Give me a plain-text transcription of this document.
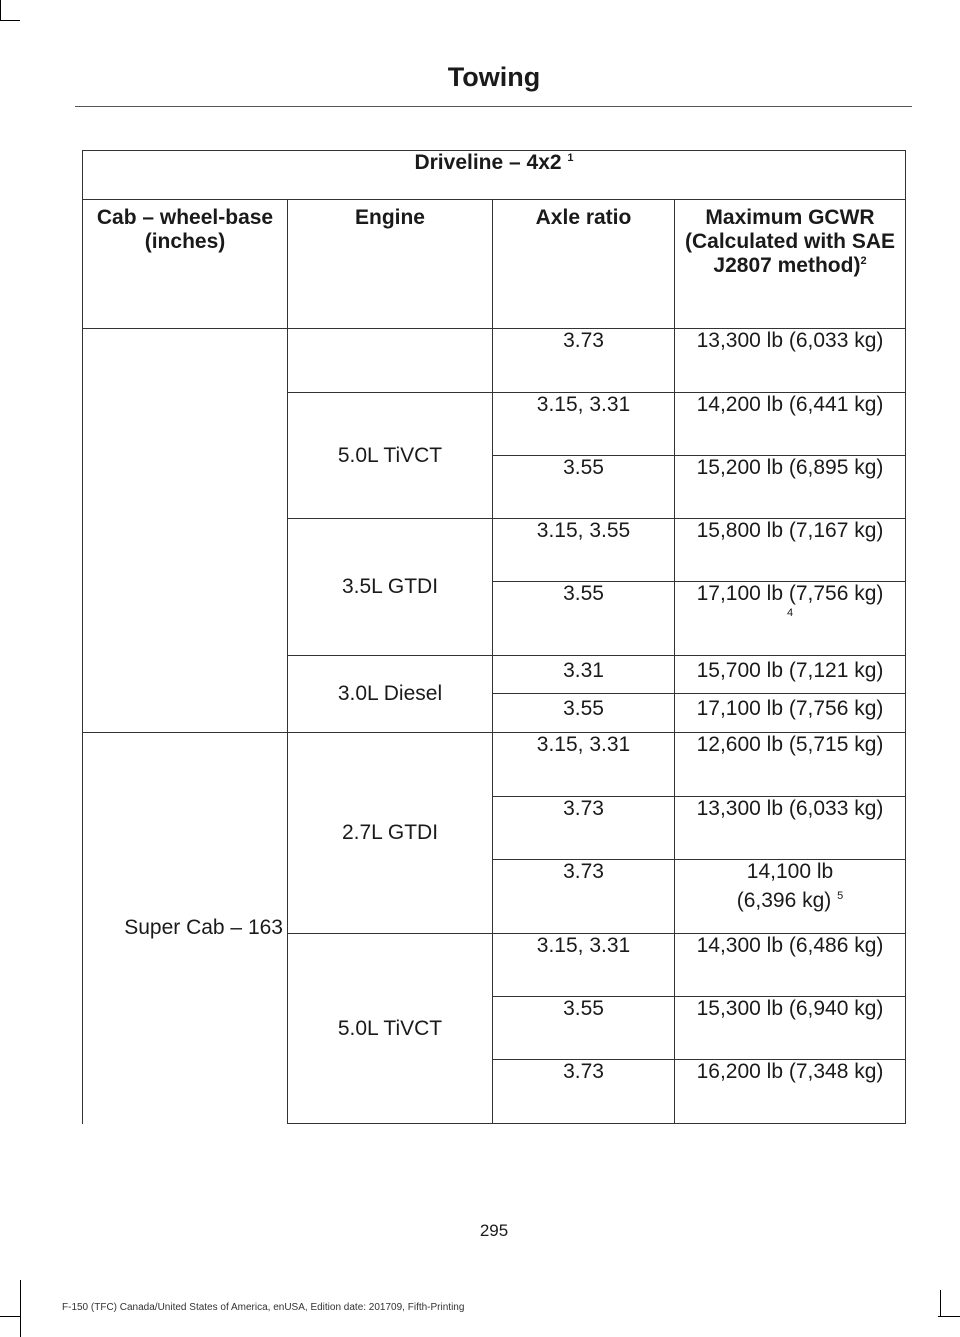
Towing
Driveline – 4x2 $^1$
Cab – wheel-base (inches)	Engine	Axle ratio	Maximum GCWR (Calculated with SAE J2807 method)$^2$
		3.73	13,300 lb (6,033 kg)
	5.0L TiVCT	3.15, 3.31	14,200 lb (6,441 kg)
		3.55	15,200 lb (6,895 kg)
	3.5L GTDI	3.15, 3.55	15,800 lb (7,167 kg)
		3.55	17,100 lb (7,756 kg)
4

	3.0L Diesel	3.31	15,700 lb (7,121 kg)
		3.55	17,100 lb (7,756 kg)
Super Cab – 163	2.7L GTDI	3.15, 3.31	12,600 lb (5,715 kg)
		3.73	13,300 lb (6,033 kg)
		3.73	14,100 lb
(6,396 kg) $^5$
	5.0L TiVCT	3.15, 3.31	14,300 lb (6,486 kg)
		3.55	15,300 lb (6,940 kg)
		3.73	16,200 lb (7,348 kg)
295
F-150 (TFC) Canada/United States of America, enUSA, Edition date: 201709, Fifth-Printing
